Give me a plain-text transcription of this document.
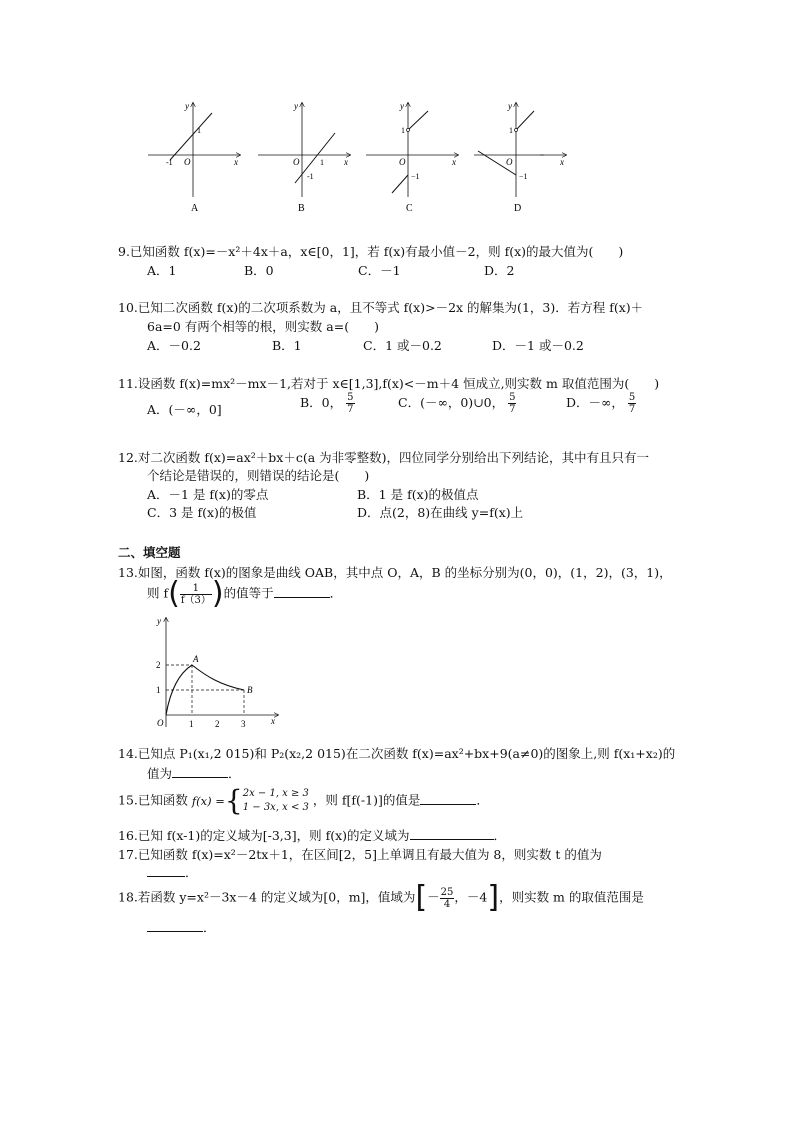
y
x
O
1
-1
A
y
x
O	1
-1
B
y
x
O
1
−1
C
y
x
O
1
−1
D
9.已知函数 f(x)=－x²＋4x＋a，x∈[0，1]，若 f(x)有最小值－2，则 f(x)的最大值为(　　)
A．1	B．0	C．－1	D．2
10.已知二次函数 f(x)的二次项系数为 a，且不等式 f(x)>－2x 的解集为(1，3)．若方程 f(x)＋
6a=0 有两个相等的根，则实数 a=(　　)
A．－0.2	B．1	C．1 或－0.2	D．－1 或－0.2
11.设函数 f(x)=mx²－mx－1,若对于 x∈[1,3],f(x)<－m＋4 恒成立,则实数 m 取值范围为(　　)
A．(－∞，0]	B．0， $\frac{5}{7}$	C．(－∞，0)∪0， $\frac{5}{7}$	D．－∞， $\frac{5}{7}$
12.对二次函数 f(x)=ax²＋bx＋c(a 为非零整数)，四位同学分别给出下列结论，其中有且只有一
个结论是错误的，则错误的结论是(　　)
A．－1 是 f(x)的零点	B．1 是 f(x)的极值点
C．3 是 f(x)的极值	D．点(2，8)在曲线 y=f(x)上
二、填空题
13.如图，函数 f(x)的图象是曲线 OAB，其中点 O，A，B 的坐标分别为(0，0)，(1，2)，(3，1)，
则 $f( \frac{1}{f(3)}$ )的值等于	．
y
x
O	1 2 3
1
2
A
B
14.已知点 P₁(x₁,2 015)和 P₂(x₂,2 015)在二次函数 f(x)=ax²+bx+9(a≠0)的图象上,则 f(x₁+x₂)的
值为	．
15.已知函数 f(x) ={ 2x − 1, x ≥ 3
1 − 3x, x < 3 ，则 f[f(-1)]的值是	．
16.已知 f(x-1)的定义域为[-3,3]，则 f(x)的定义域为	．
17.已知函数 f(x)=x²－2tx＋1，在区间[2，5]上单调且有最大值为 8，则实数 t 的值为
．
18.若函数 y=x²－3x－4 的定义域为[0，m]，值域为[－ $\frac{25}{4}$ ，－4]，则实数 m 的取值范围是
．
